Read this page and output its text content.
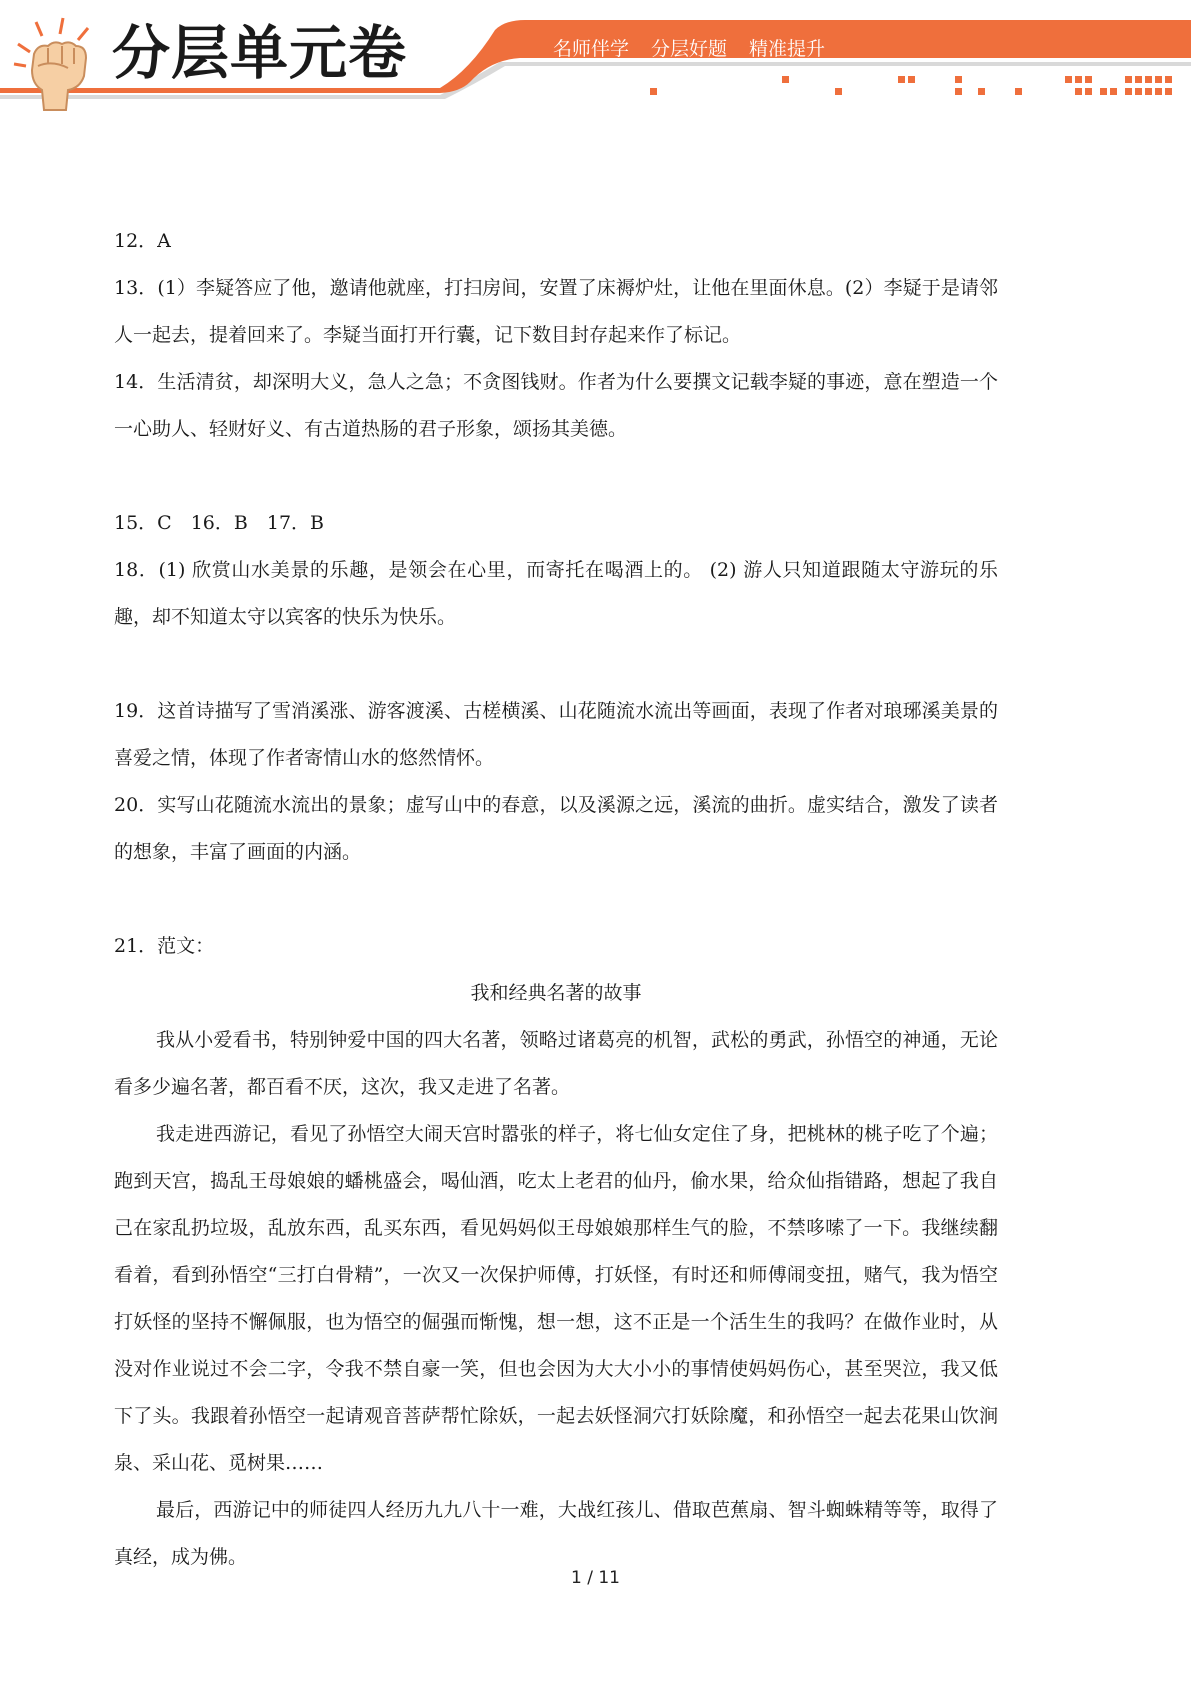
分层单元卷	名师伴学 分层好题 精准提升

12．A

13．(1）李疑答应了他，邀请他就座，打扫房间，安置了床褥炉灶，让他在里面休息。(2）李疑于是请邻人一起去，提着回来了。李疑当面打开行囊，记下数目封存起来作了标记。

14．生活清贫，却深明大义，急人之急；不贪图钱财。作者为什么要撰文记载李疑的事迹，意在塑造一个一心助人、轻财好义、有古道热肠的君子形象，颂扬其美德。

15．C　16．B　17．B

18．(1) 欣赏山水美景的乐趣，是领会在心里，而寄托在喝酒上的。 (2) 游人只知道跟随太守游玩的乐趣，却不知道太守以宾客的快乐为快乐。

19．这首诗描写了雪消溪涨、游客渡溪、古槎横溪、山花随流水流出等画面，表现了作者对琅琊溪美景的喜爱之情，体现了作者寄情山水的悠然情怀。

20．实写山花随流水流出的景象；虚写山中的春意，以及溪源之远，溪流的曲折。虚实结合，激发了读者的想象，丰富了画面的内涵。

21．范文：

我和经典名著的故事

我从小爱看书，特别钟爱中国的四大名著，领略过诸葛亮的机智，武松的勇武，孙悟空的神通，无论看多少遍名著，都百看不厌，这次，我又走进了名著。

我走进西游记，看见了孙悟空大闹天宫时嚣张的样子，将七仙女定住了身，把桃林的桃子吃了个遍；跑到天宫，捣乱王母娘娘的蟠桃盛会，喝仙酒，吃太上老君的仙丹，偷水果，给众仙指错路，想起了我自己在家乱扔垃圾，乱放东西，乱买东西，看见妈妈似王母娘娘那样生气的脸，不禁哆嗦了一下。我继续翻看着，看到孙悟空“三打白骨精”，一次又一次保护师傅，打妖怪，有时还和师傅闹变扭，赌气，我为悟空打妖怪的坚持不懈佩服，也为悟空的倔强而惭愧，想一想，这不正是一个活生生的我吗？在做作业时，从没对作业说过不会二字，令我不禁自豪一笑，但也会因为大大小小的事情使妈妈伤心，甚至哭泣，我又低下了头。我跟着孙悟空一起请观音菩萨帮忙除妖，一起去妖怪洞穴打妖除魔，和孙悟空一起去花果山饮涧泉、采山花、觅树果……

最后，西游记中的师徒四人经历九九八十一难，大战红孩儿、借取芭蕉扇、智斗蜘蛛精等等，取得了真经，成为佛。

1 / 11
